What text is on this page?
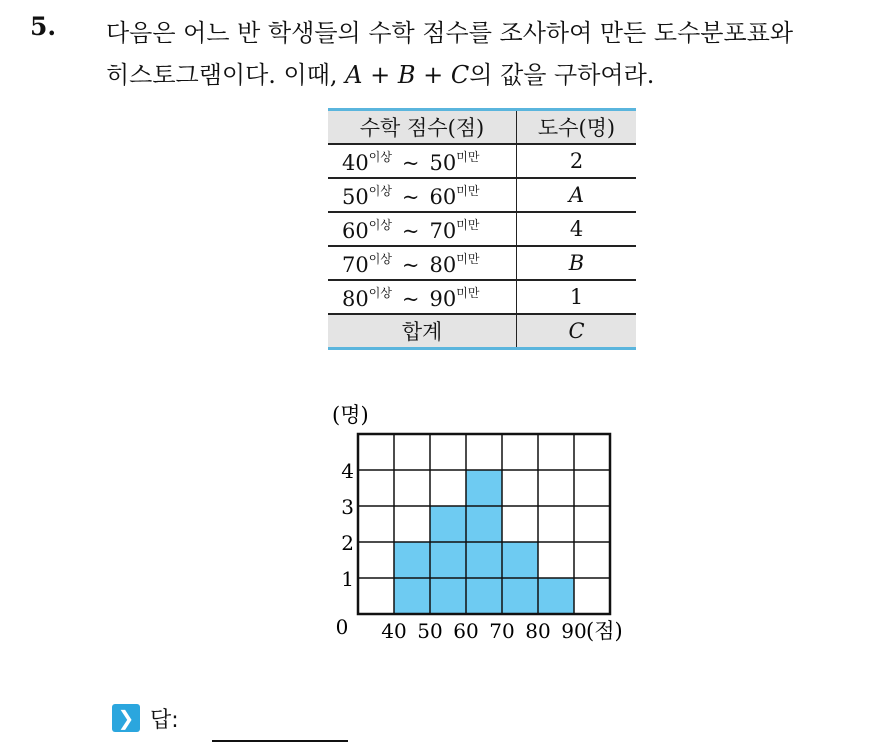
5. 다음은 어느 반 학생들의 수학 점수를 조사하여 만든 도수분포표와
히스토그램이다. 이때, A + B + C의 값을 구하여라.
수학 점수(점)	도수(명)
$40^{이상}$ ~ $50^{미만}$	2
$50^{이상}$ ~ $60^{미만}$	A
$60^{이상}$ ~ $70^{미만}$	4
$70^{이상}$ ~ $80^{미만}$	B
$80^{이상}$ ~ $90^{미만}$	1
합계	C
1
2
3
4
0 40 50 60 70 80 90
(명)
(점)
❯ 답:
